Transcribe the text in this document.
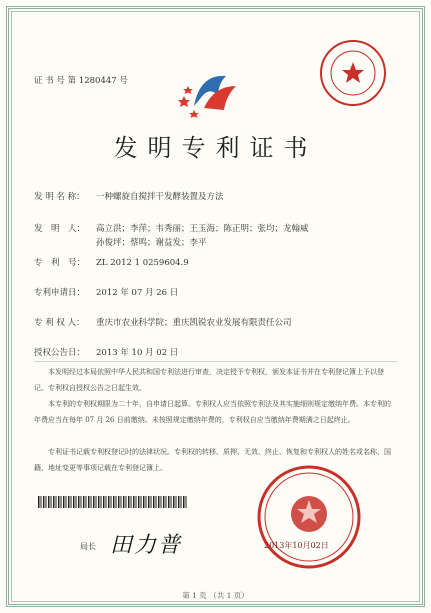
证 书 号 第 1280447 号
发明专利证书
发 明 名 称： 一种螺旋自搅拌干发酵装置及方法
发　明　人： 高立洪；李萍；韦秀丽；王玉海；陈正明；张均；龙翰威
孙俊坪；蔡鸣；谢益发；李平
专　利　号： ZL 2012 1 0259604.9
专利申请日： 2012 年 07 月 26 日
专 利 权 人： 重庆市农业科学院；重庆凯锐农业发展有限责任公司
授权公告日： 2013 年 10 月 02 日
本发明经过本局依照中华人民共和国专利法进行审查，决定授予专利权，颁发本证书并在专利登记簿上予以登记。专利权自授权公告之日起生效。
本专利的专利权期限为二十年，自申请日起算。专利权人应当依照专利法及其实施细则规定缴纳年费。本专利的年费应当在每年 07 月 26 日前缴纳。未按照规定缴纳年费的，专利权自应当缴纳年费期满之日起终止。
专利证书记载专利权登记时的法律状况。专利权的转移、质押、无效、终止、恢复和专利权人的姓名或名称、国籍、地址变更等事项记载在专利登记簿上。
局长 田力普	2013年10月02日
第 1 页 （共 1 页）
